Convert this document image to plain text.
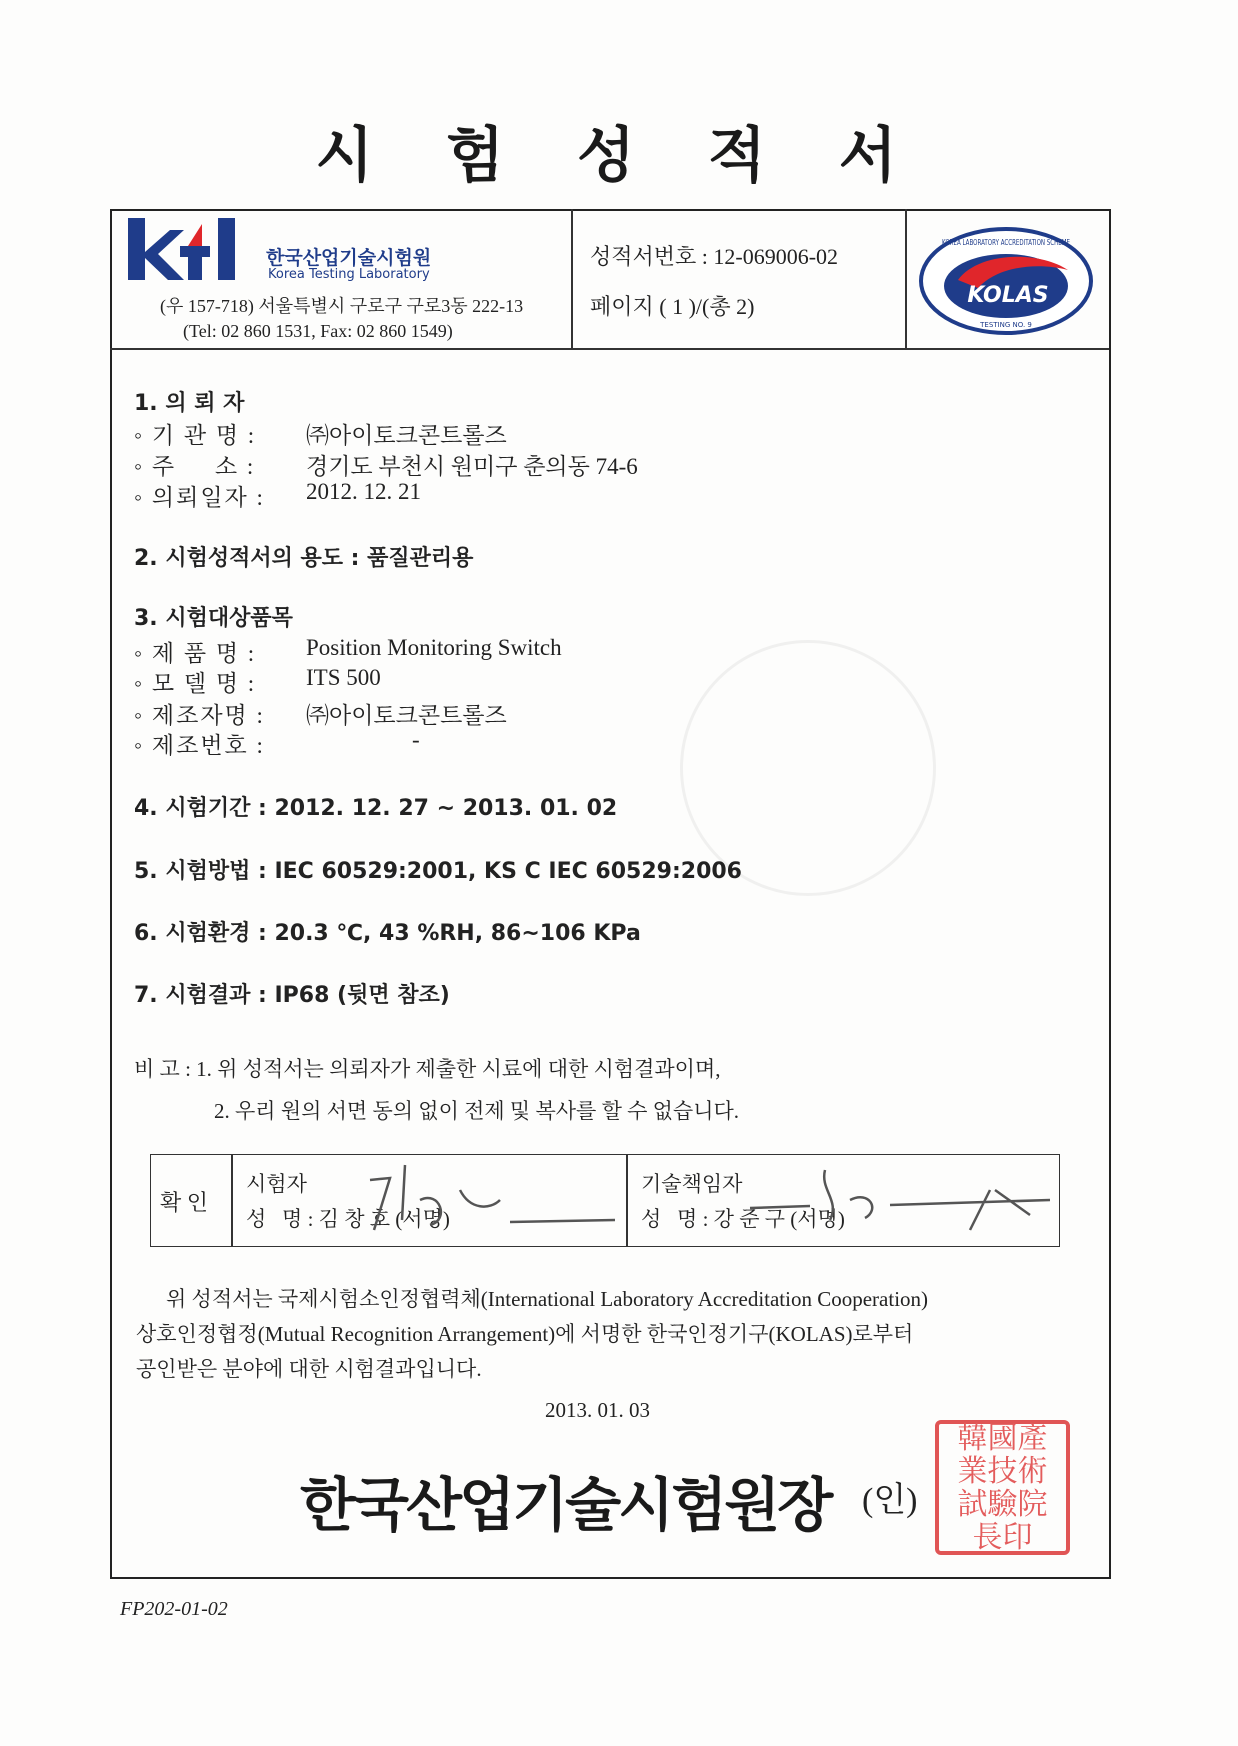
시 험 성 적 서
한국산업기술시험원
Korea Testing Laboratory
(우 157-718) 서울특별시 구로구 구로3동 222-13
(Tel: 02 860 1531, Fax: 02 860 1549)
성적서번호 : 12-069006-02
페이지 ( 1 )/(총 2)
KOREA LABORATORY ACCREDITATION SCHEME
KOLAS
TESTING NO. 9
1. 의 뢰 자
◦ 기 관 명 : ㈜아이토크콘트롤즈
◦ 주     소 : 경기도 부천시 원미구 춘의동 74-6
◦ 의뢰일자 : 2012. 12. 21
2. 시험성적서의 용도 : 품질관리용
3. 시험대상품목
◦ 제 품 명 : Position Monitoring Switch
◦ 모 델 명 : ITS 500
◦ 제조자명 : ㈜아이토크콘트롤즈
◦ 제조번호 :	-
4. 시험기간 : 2012. 12. 27 ~ 2013. 01. 02
5. 시험방법 : IEC 60529:2001, KS C IEC 60529:2006
6. 시험환경 : 20.3 ℃, 43 %RH, 86~106 KPa
7. 시험결과 : IP68 (뒷면 참조)
비 고 : 1. 위 성적서는 의뢰자가 제출한 시료에 대한 시험결과이며,
2. 우리 원의 서면 동의 없이 전제 및 복사를 할 수 없습니다.
확 인
시험자
성   명 : 김 창 호 (서명)
기술책임자
성   명 : 강 준 구 (서명)
위 성적서는 국제시험소인정협력체(International Laboratory Accreditation Cooperation)
상호인정협정(Mutual Recognition Arrangement)에 서명한 한국인정기구(KOLAS)로부터
공인받은 분야에 대한 시험결과입니다.
2013. 01. 03
한국산업기술시험원장 (인)
韓國產業技術試驗院長印
FP202-01-02
